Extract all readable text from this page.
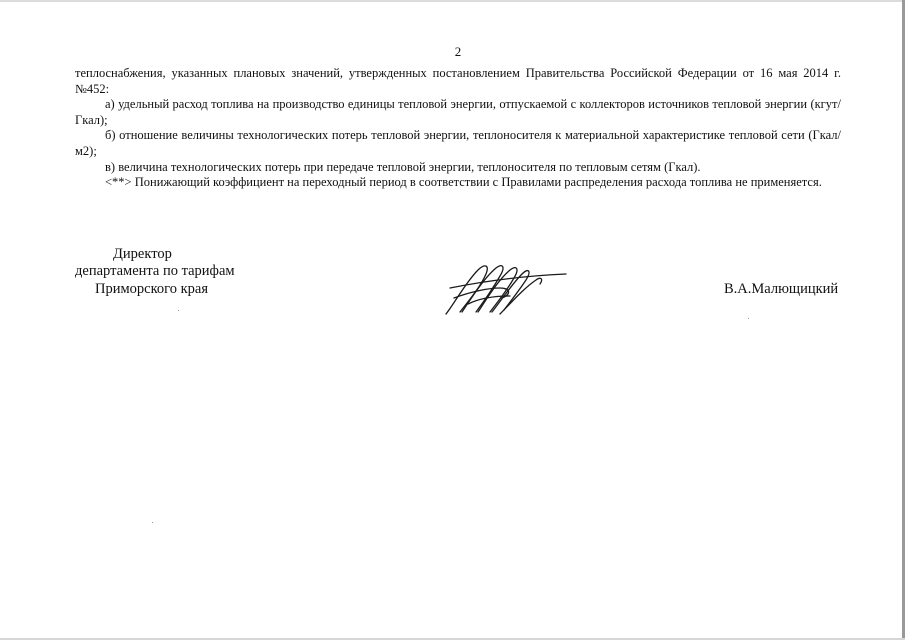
2

теплоснабжения, указанных плановых значений, утвержденных постановлением Правительства Российской Федерации от 16 мая 2014 г. №452:

а) удельный расход топлива на производство единицы тепловой энергии, отпускаемой с коллекторов источников тепловой энергии (кгут/Гкал);

б) отношение величины технологических потерь тепловой энергии, теплоносителя к материальной характеристике тепловой сети (Гкал/м2);

в) величина технологических потерь при передаче тепловой энергии, теплоносителя по тепловым сетям (Гкал).

<**> Понижающий коэффициент на переходный период в соответствии с Правилами распределения расхода топлива не применяется.

Директор
департамента по тарифам
Приморского края	В.А.Малющицкий
